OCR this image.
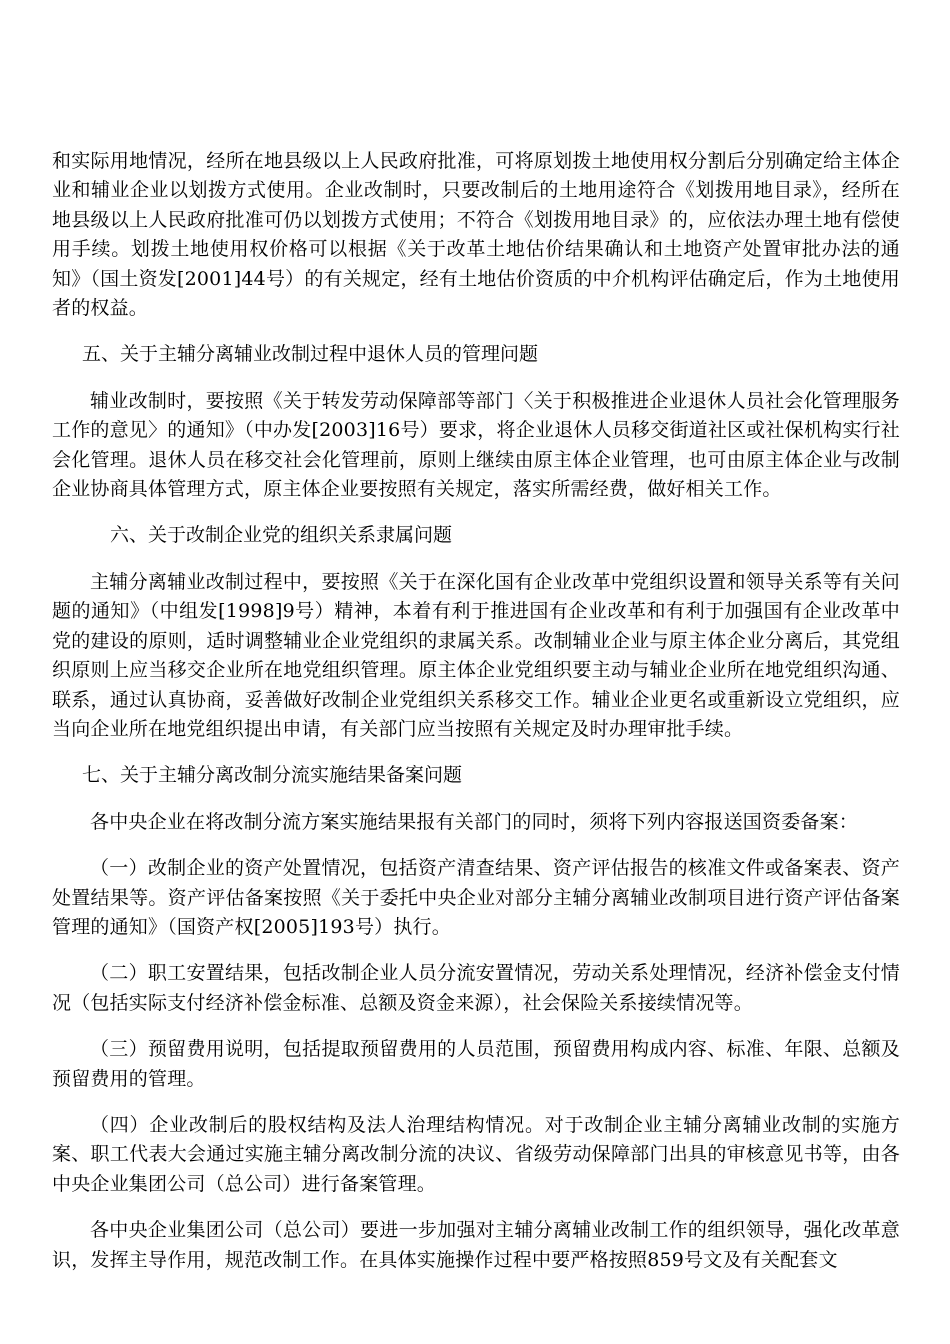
和实际用地情况，经所在地县级以上人民政府批准，可将原划拨土地使用权分割后分别确定给主体企业和辅业企业以划拨方式使用。企业改制时，只要改制后的土地用途符合《划拨用地目录》，经所在地县级以上人民政府批准可仍以划拨方式使用；不符合《划拨用地目录》的，应依法办理土地有偿使用手续。划拨土地使用权价格可以根据《关于改革土地估价结果确认和土地资产处置审批办法的通知》（国土资发[2001]44号）的有关规定，经有土地估价资质的中介机构评估确定后，作为土地使用者的权益。

五、关于主辅分离辅业改制过程中退休人员的管理问题

辅业改制时，要按照《关于转发劳动保障部等部门〈关于积极推进企业退休人员社会化管理服务工作的意见〉的通知》（中办发[2003]16号）要求，将企业退休人员移交街道社区或社保机构实行社会化管理。退休人员在移交社会化管理前，原则上继续由原主体企业管理，也可由原主体企业与改制企业协商具体管理方式，原主体企业要按照有关规定，落实所需经费，做好相关工作。

六、关于改制企业党的组织关系隶属问题

主辅分离辅业改制过程中，要按照《关于在深化国有企业改革中党组织设置和领导关系等有关问题的通知》（中组发[1998]9号）精神，本着有利于推进国有企业改革和有利于加强国有企业改革中党的建设的原则，适时调整辅业企业党组织的隶属关系。改制辅业企业与原主体企业分离后，其党组织原则上应当移交企业所在地党组织管理。原主体企业党组织要主动与辅业企业所在地党组织沟通、联系，通过认真协商，妥善做好改制企业党组织关系移交工作。辅业企业更名或重新设立党组织，应当向企业所在地党组织提出申请，有关部门应当按照有关规定及时办理审批手续。

七、关于主辅分离改制分流实施结果备案问题

各中央企业在将改制分流方案实施结果报有关部门的同时，须将下列内容报送国资委备案：

（一）改制企业的资产处置情况，包括资产清查结果、资产评估报告的核准文件或备案表、资产处置结果等。资产评估备案按照《关于委托中央企业对部分主辅分离辅业改制项目进行资产评估备案管理的通知》（国资产权[2005]193号）执行。

（二）职工安置结果，包括改制企业人员分流安置情况，劳动关系处理情况，经济补偿金支付情况（包括实际支付经济补偿金标准、总额及资金来源），社会保险关系接续情况等。

（三）预留费用说明，包括提取预留费用的人员范围，预留费用构成内容、标准、年限、总额及预留费用的管理。

（四）企业改制后的股权结构及法人治理结构情况。对于改制企业主辅分离辅业改制的实施方案、职工代表大会通过实施主辅分离改制分流的决议、省级劳动保障部门出具的审核意见书等，由各中央企业集团公司（总公司）进行备案管理。

各中央企业集团公司（总公司）要进一步加强对主辅分离辅业改制工作的组织领导，强化改革意识，发挥主导作用，规范改制工作。在具体实施操作过程中要严格按照859号文及有关配套文
